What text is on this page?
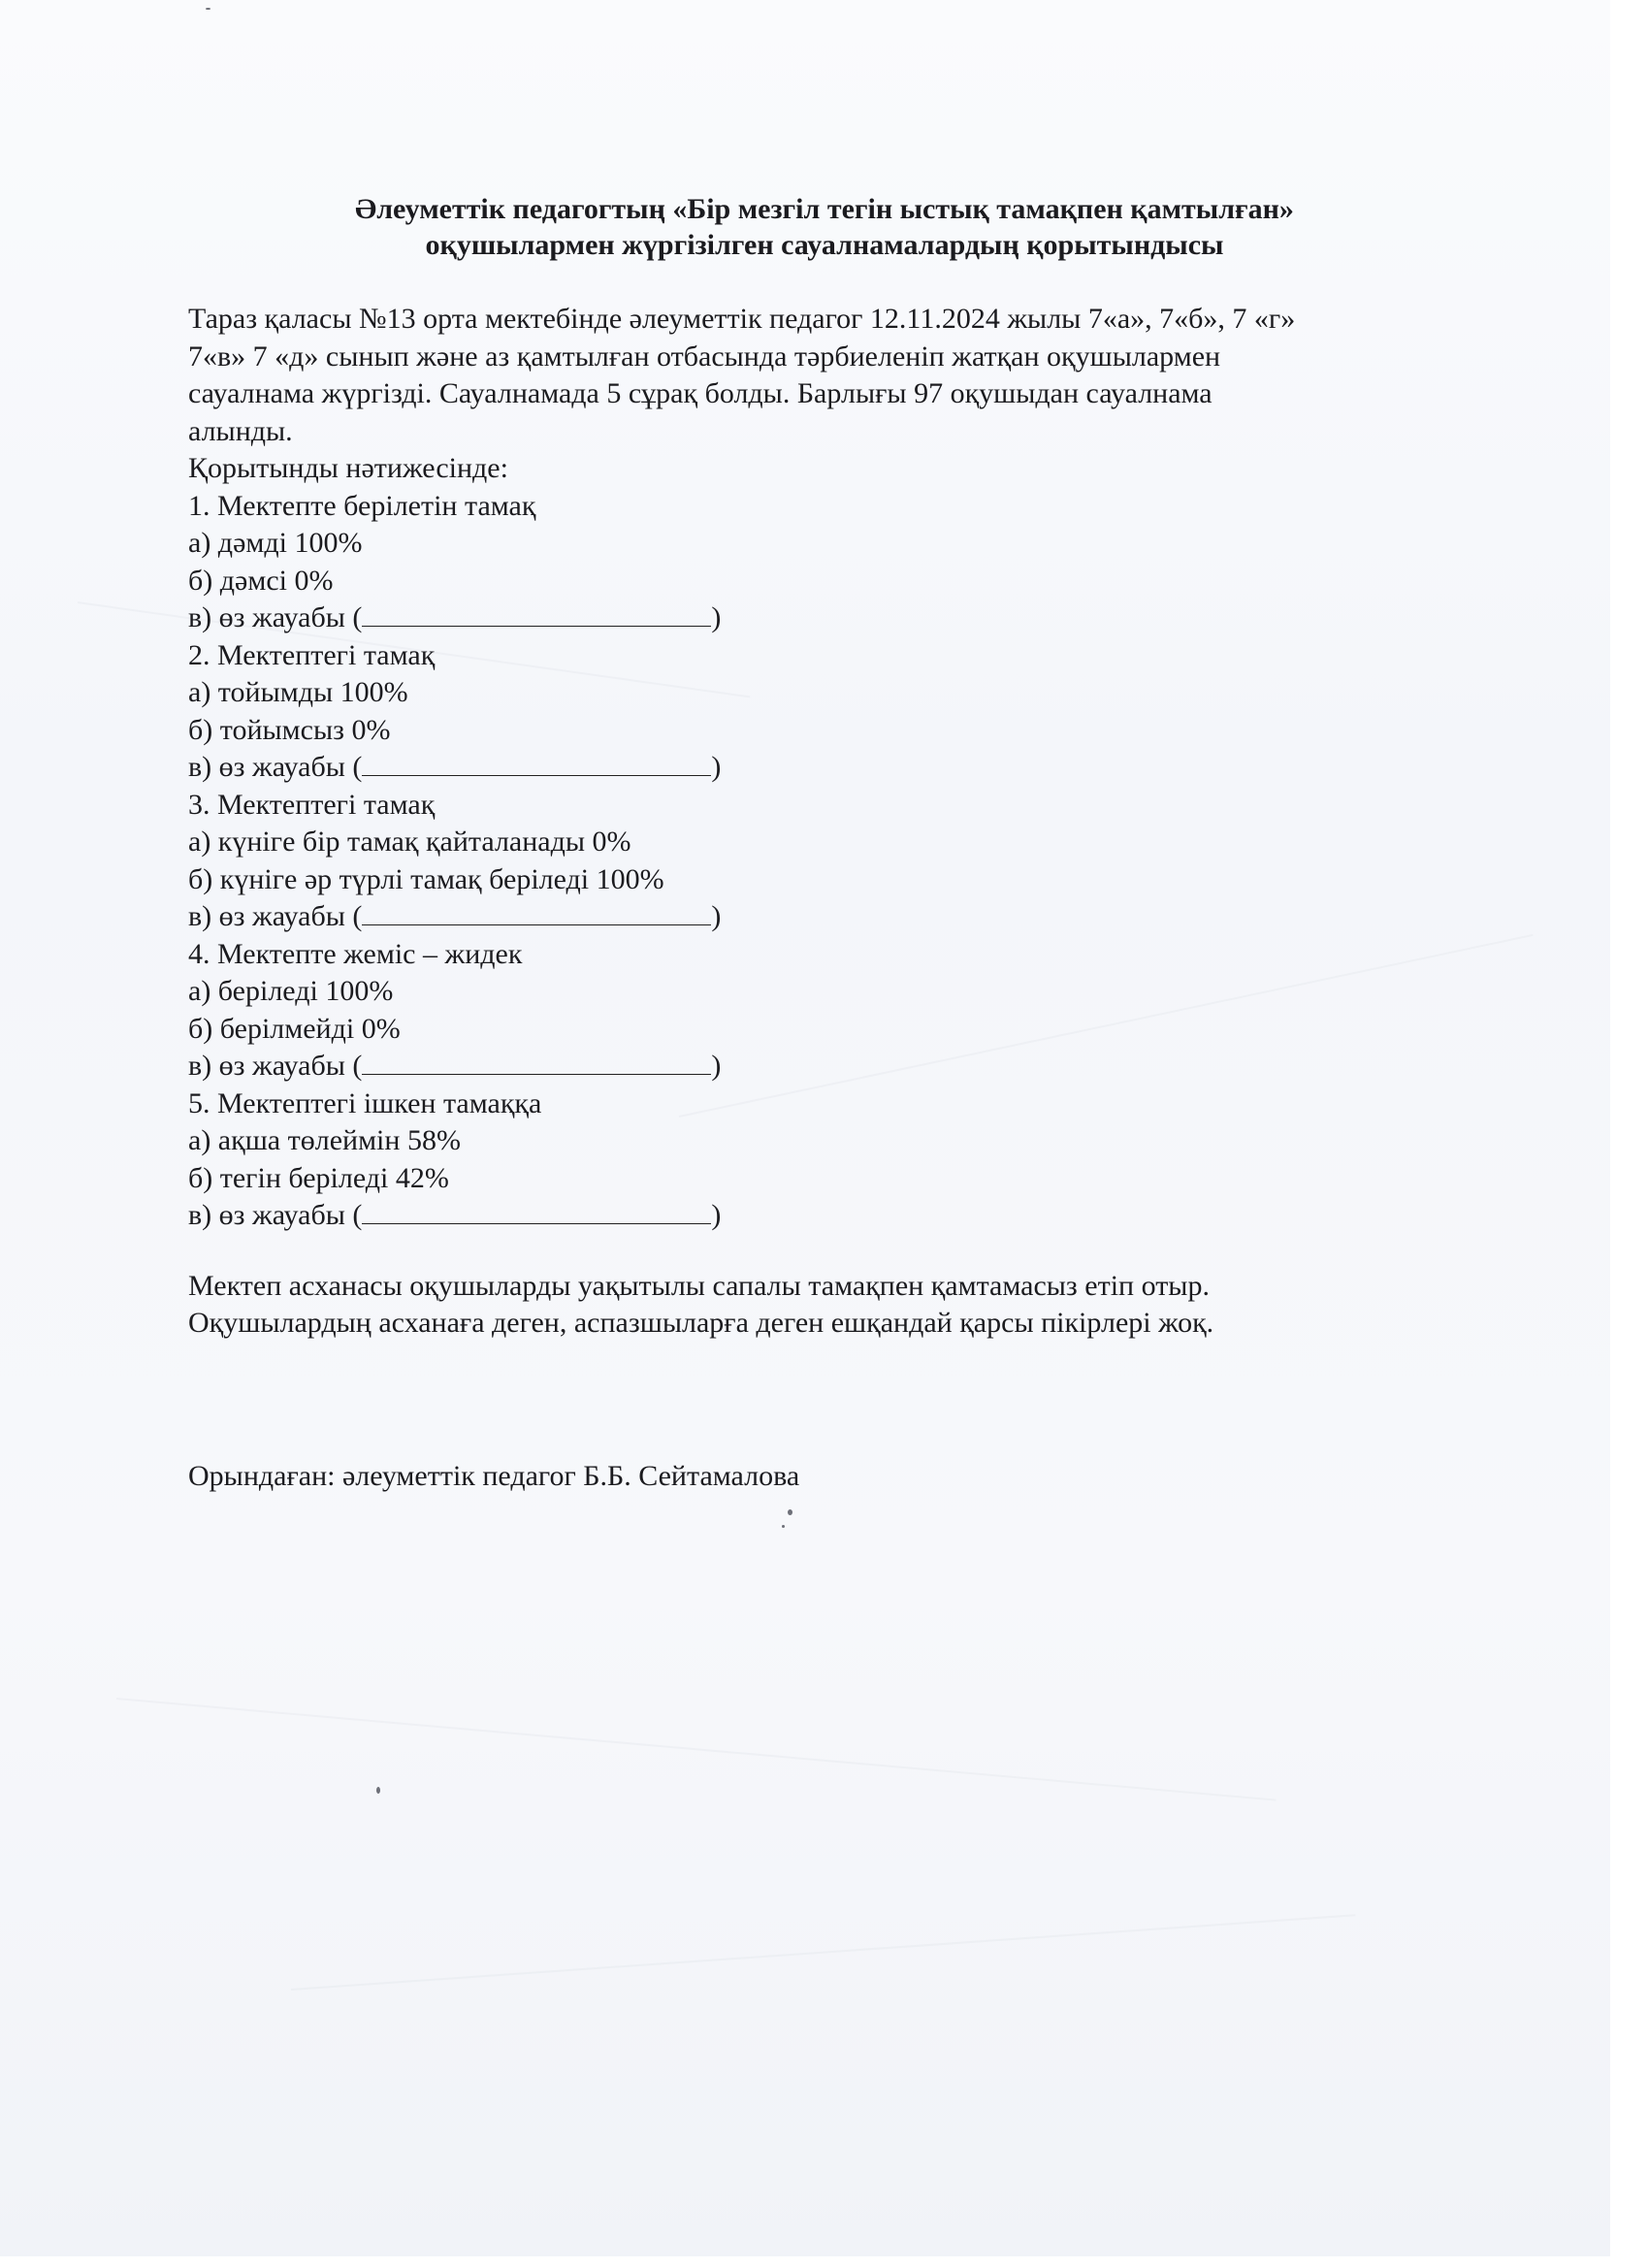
Әлеуметтік педагогтың «Бір мезгіл тегін ыстық тамақпен қамтылған»
оқушылармен жүргізілген сауалнамалардың қорытындысы
Тараз қаласы №13 орта мектебінде әлеуметтік педагог 12.11.2024 жылы 7«а», 7«б», 7 «г»
7«в» 7 «д» сынып және аз қамтылған отбасында тәрбиеленіп жатқан оқушылармен
сауалнама жүргізді. Сауалнамада 5 сұрақ болды. Барлығы 97 оқушыдан сауалнама
алынды.
Қорытынды нәтижесінде:
1. Мектепте берілетін тамақ
а) дәмді 100%
б) дәмсі 0%
в) өз жауабы (	)
2. Мектептегі тамақ
а) тойымды 100%
б) тойымсыз 0%
в) өз жауабы (	)
3. Мектептегі тамақ
а) күнігe бір тамақ қайталанады 0%
б) күнігe әр түрлі тамақ беріледі 100%
в) өз жауабы (	)
4. Мектепте жеміс – жидек
а) беріледі 100%
б) берілмейді 0%
в) өз жауабы (	)
5. Мектептегі ішкен тамаққа
а) ақша төлеймін 58%
б) тегін беріледі 42%
в) өз жауабы (	)
Мектеп асханасы оқушыларды уақытылы сапалы тамақпен қамтамасыз етіп отыр.
Оқушылардың асханаға деген, аспазшыларға деген ешқандай қарсы пікірлері жоқ.
Орындаған: әлеуметтік педагог Б.Б. Сейтамалова
